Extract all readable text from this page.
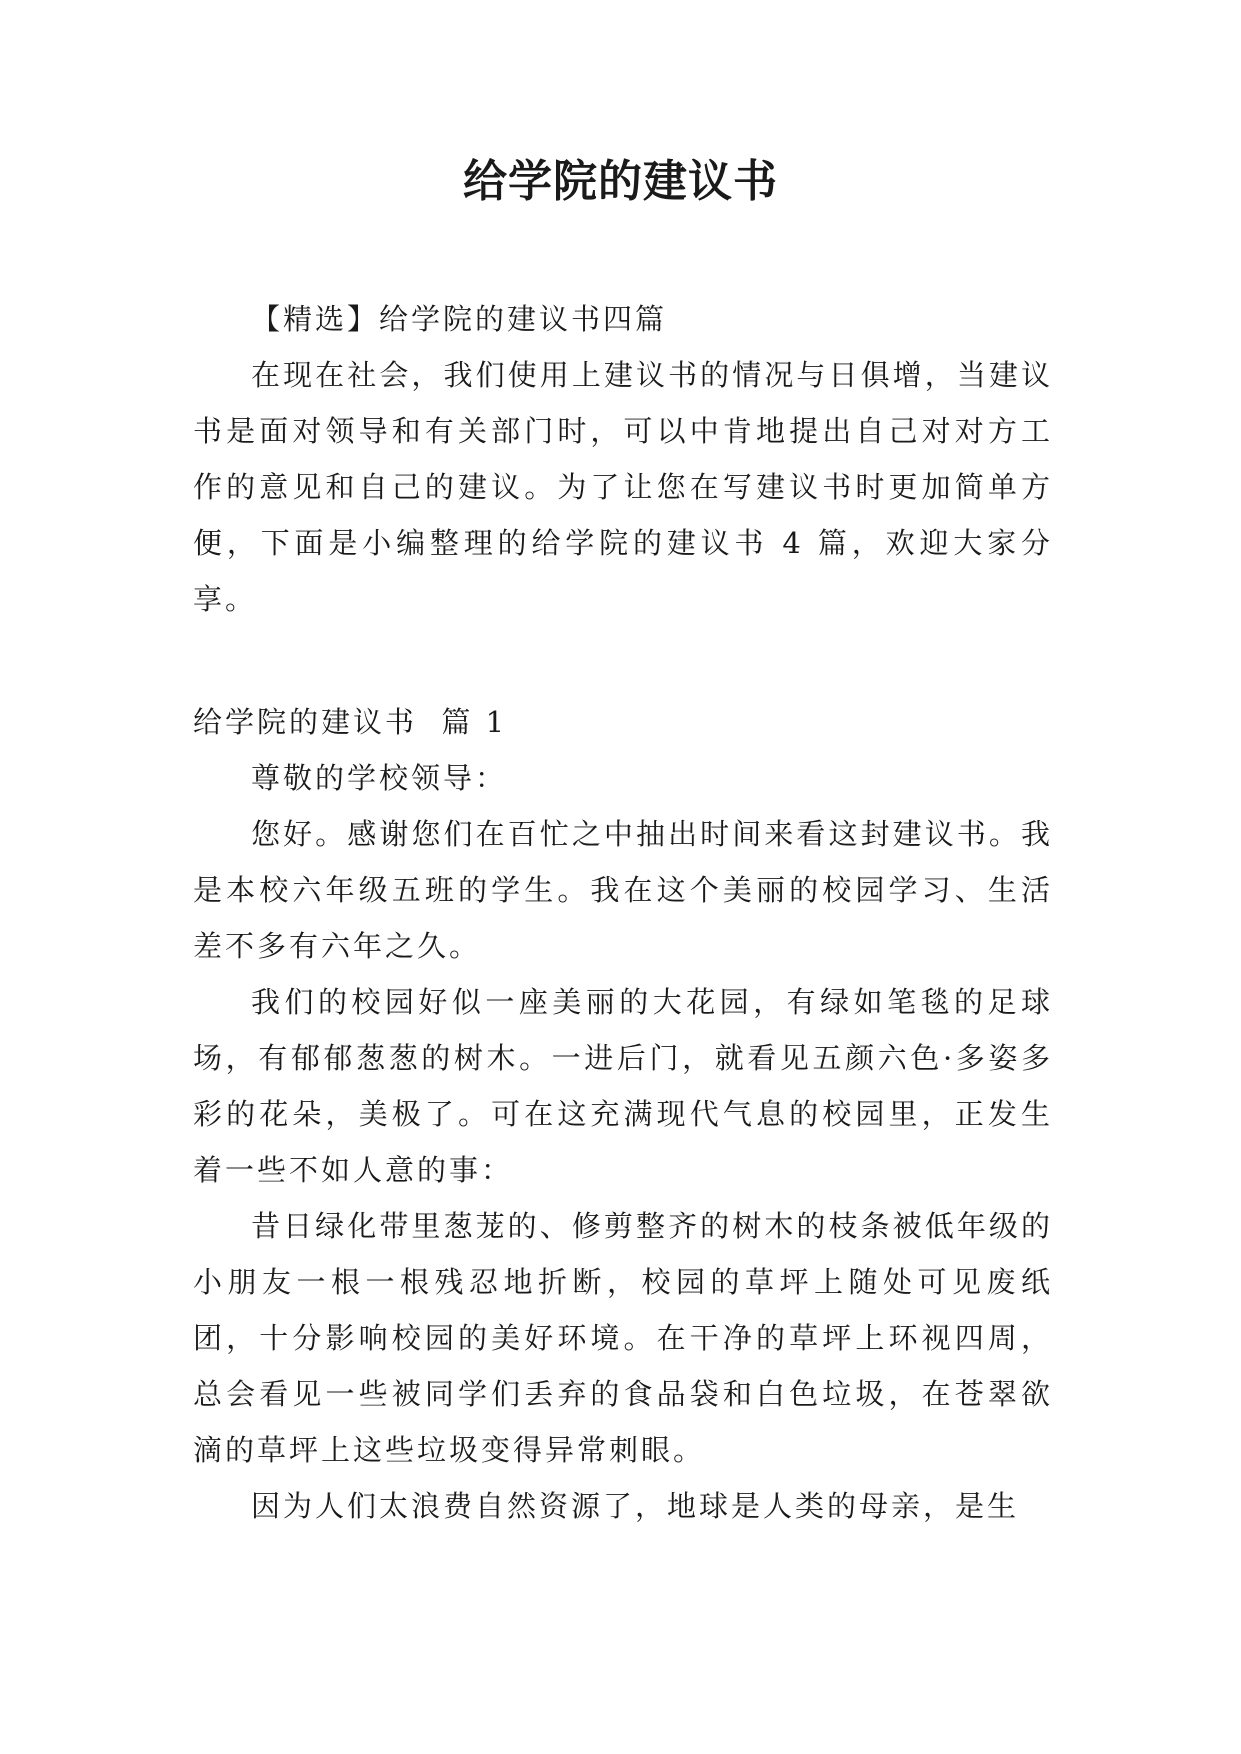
给学院的建议书

【精选】给学院的建议书四篇

在现在社会，我们使用上建议书的情况与日俱增，当建议书是面对领导和有关部门时，可以中肯地提出自己对对方工作的意见和自己的建议。为了让您在写建议书时更加简单方便，下面是小编整理的给学院的建议书 4 篇，欢迎大家分享。

给学院的建议书  篇 1

尊敬的学校领导：

您好。感谢您们在百忙之中抽出时间来看这封建议书。我是本校六年级五班的学生。我在这个美丽的校园学习、生活差不多有六年之久。

我们的校园好似一座美丽的大花园，有绿如笔毯的足球场，有郁郁葱葱的树木。一进后门，就看见五颜六色·多姿多彩的花朵，美极了。可在这充满现代气息的校园里，正发生着一些不如人意的事：

昔日绿化带里葱茏的、修剪整齐的树木的枝条被低年级的小朋友一根一根残忍地折断，校园的草坪上随处可见废纸团，十分影响校园的美好环境。在干净的草坪上环视四周，总会看见一些被同学们丢弃的食品袋和白色垃圾，在苍翠欲滴的草坪上这些垃圾变得异常刺眼。

因为人们太浪费自然资源了，地球是人类的母亲，是生
